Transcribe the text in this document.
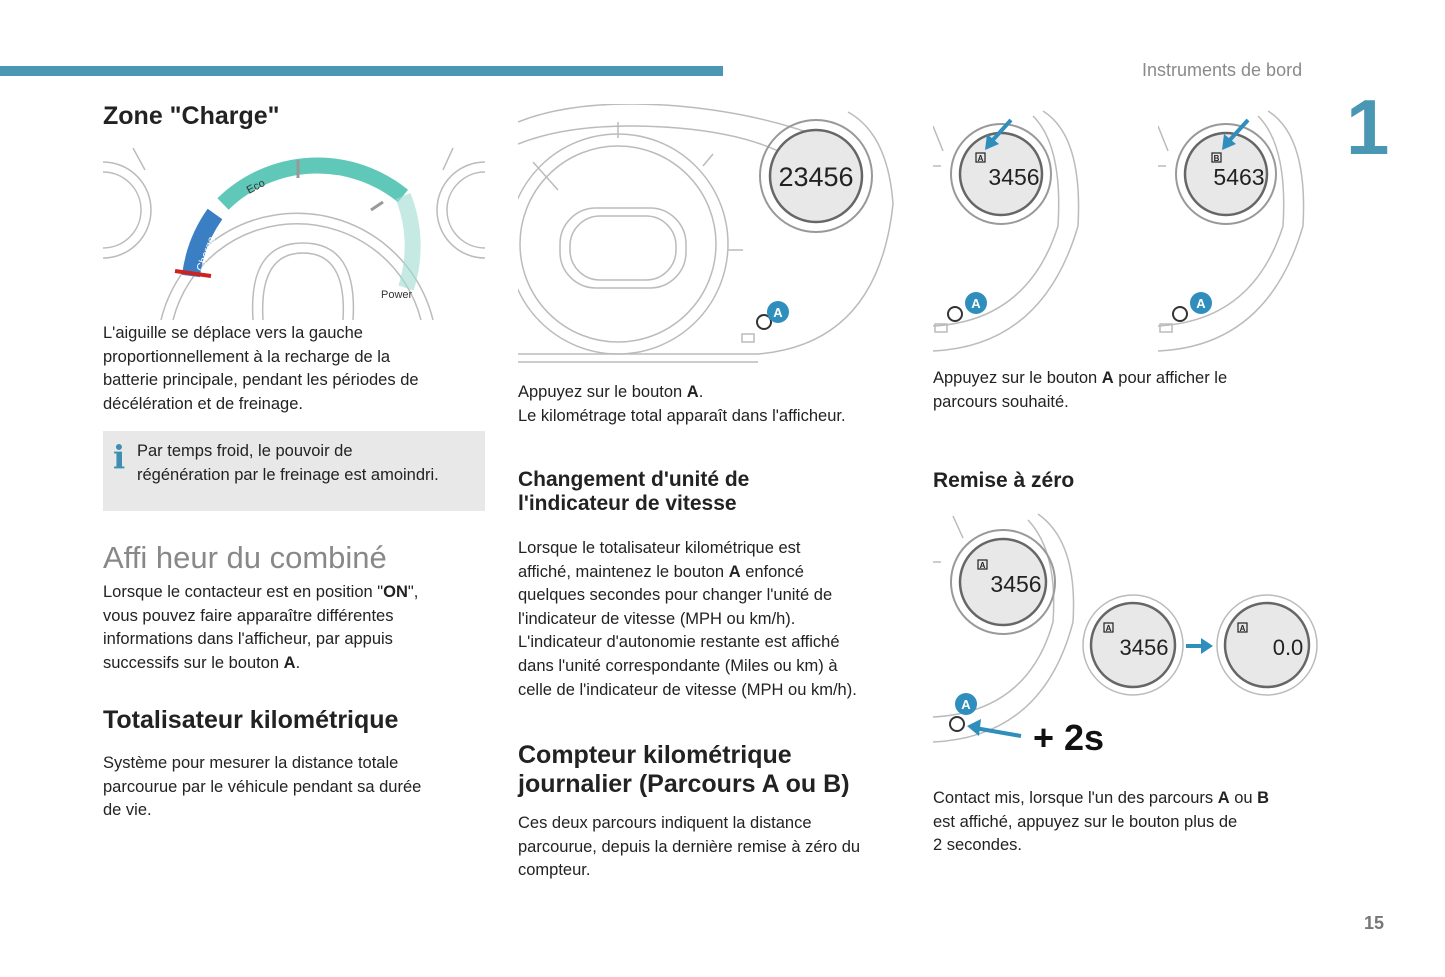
Instruments de bord
1
15
Zone "Charge"
Eco
Charge
Power

L'aiguille se déplace vers la gauche
proportionnellement à la recharge de la
batterie principale, pendant les périodes de
décélération et de freinage.

i Par temps froid, le pouvoir de
régénération par le freinage est amoindri.

Affi heur du combiné

Lorsque le contacteur est en position "ON",
vous pouvez faire apparaître différentes
informations dans l'afficheur, par appuis
successifs sur le bouton A.

Totalisateur kilométrique

Système pour mesurer la distance totale
parcourue par le véhicule pendant sa durée
de vie.

23456
A

Appuyez sur le bouton A.
Le kilométrage total apparaît dans l'afficheur.

Changement d'unité de
l'indicateur de vitesse

Lorsque le totalisateur kilométrique est
affiché, maintenez le bouton A enfoncé
quelques secondes pour changer l'unité de
l'indicateur de vitesse (MPH ou km/h).
L'indicateur d'autonomie restante est affiché
dans l'unité correspondante (Miles ou km) à
celle de l'indicateur de vitesse (MPH ou km/h).

Compteur kilométrique
journalier (Parcours A ou B)

Ces deux parcours indiquent la distance
parcourue, depuis la dernière remise à zéro du
compteur.

A
3456
A
B
5463
A

Appuyez sur le bouton A pour afficher le
parcours souhaité.

Remise à zéro
A
3456
A
3456
A
0.0
A
+ 2s

Contact mis, lorsque l'un des parcours A ou B
est affiché, appuyez sur le bouton plus de
2 secondes.
